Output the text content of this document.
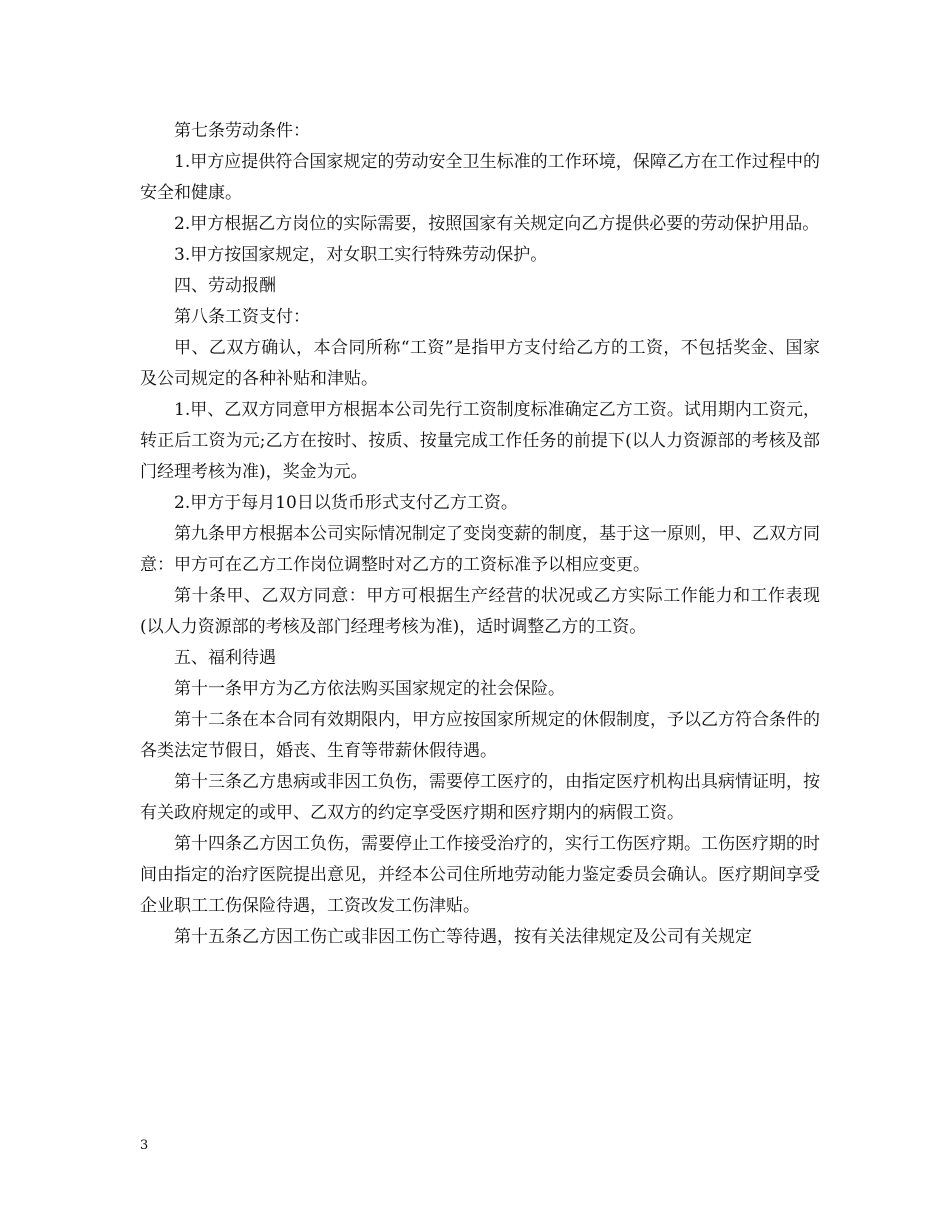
第七条劳动条件：

1.甲方应提供符合国家规定的劳动安全卫生标准的工作环境，保障乙方在工作过程中的安全和健康。

2.甲方根据乙方岗位的实际需要，按照国家有关规定向乙方提供必要的劳动保护用品。

3.甲方按国家规定，对女职工实行特殊劳动保护。

四、劳动报酬

第八条工资支付：

甲、乙双方确认，本合同所称“工资”是指甲方支付给乙方的工资，不包括奖金、国家及公司规定的各种补贴和津贴。

1.甲、乙双方同意甲方根据本公司先行工资制度标准确定乙方工资。试用期内工资元，转正后工资为元;乙方在按时、按质、按量完成工作任务的前提下(以人力资源部的考核及部门经理考核为准)，奖金为元。

2.甲方于每月10日以货币形式支付乙方工资。

第九条甲方根据本公司实际情况制定了变岗变薪的制度，基于这一原则，甲、乙双方同意：甲方可在乙方工作岗位调整时对乙方的工资标准予以相应变更。

第十条甲、乙双方同意：甲方可根据生产经营的状况或乙方实际工作能力和工作表现(以人力资源部的考核及部门经理考核为准)，适时调整乙方的工资。

五、福利待遇

第十一条甲方为乙方依法购买国家规定的社会保险。

第十二条在本合同有效期限内，甲方应按国家所规定的休假制度，予以乙方符合条件的各类法定节假日，婚丧、生育等带薪休假待遇。

第十三条乙方患病或非因工负伤，需要停工医疗的，由指定医疗机构出具病情证明，按有关政府规定的或甲、乙双方的约定享受医疗期和医疗期内的病假工资。

第十四条乙方因工负伤，需要停止工作接受治疗的，实行工伤医疗期。工伤医疗期的时间由指定的治疗医院提出意见，并经本公司住所地劳动能力鉴定委员会确认。医疗期间享受企业职工工伤保险待遇，工资改发工伤津贴。

第十五条乙方因工伤亡或非因工伤亡等待遇，按有关法律规定及公司有关规定

3
